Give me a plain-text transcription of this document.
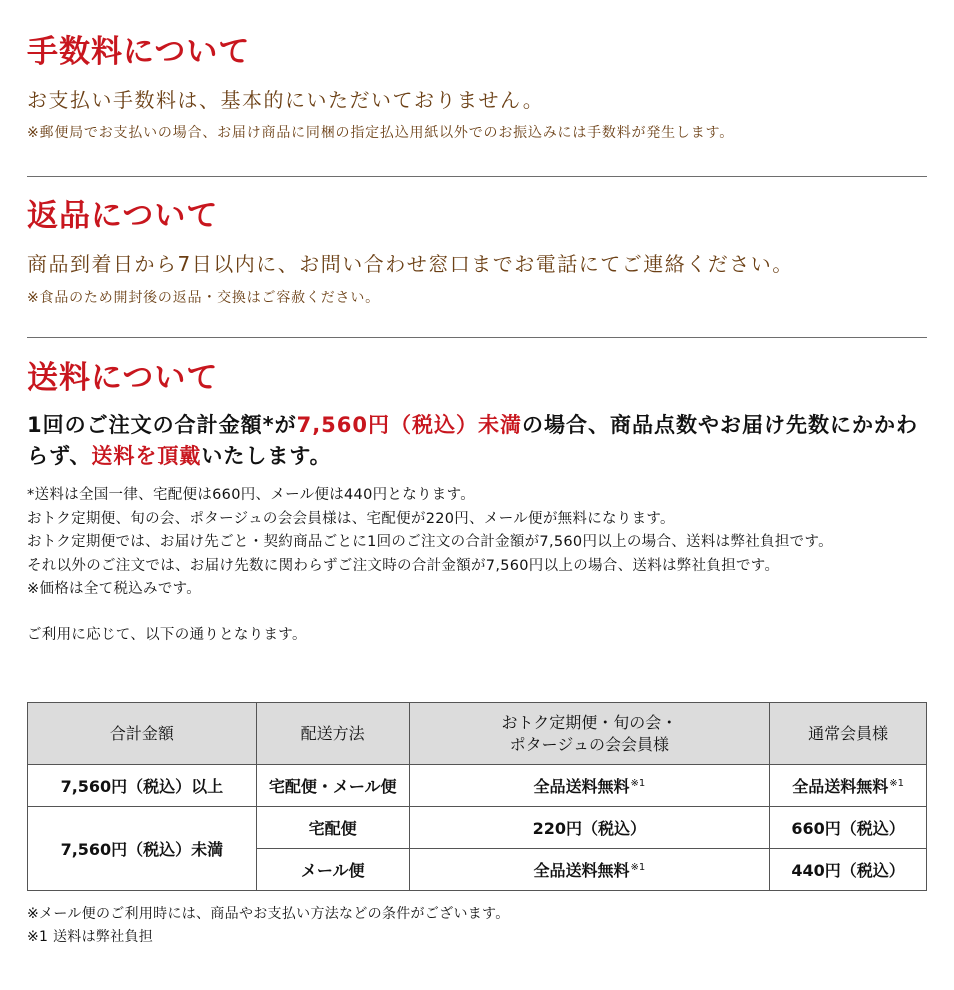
手数料について

お支払い手数料は、基本的にいただいておりません。

※郵便局でお支払いの場合、お届け商品に同梱の指定払込用紙以外でのお振込みには手数料が発生します。

返品について

商品到着日から7日以内に、お問い合わせ窓口までお電話にてご連絡ください。

※食品のため開封後の返品・交換はご容赦ください。

送料について

1回のご注文の合計金額*が7,560円（税込）未満の場合、商品点数やお届け先数にかかわらず、送料を頂戴いたします。

*送料は全国一律、宅配便は660円、メール便は440円となります。

おトク定期便、旬の会、ポタージュの会会員様は、宅配便が220円、メール便が無料になります。

おトク定期便では、お届け先ごと・契約商品ごとに1回のご注文の合計金額が7,560円以上の場合、送料は弊社負担です。

それ以外のご注文では、お届け先数に関わらずご注文時の合計金額が7,560円以上の場合、送料は弊社負担です。

※価格は全て税込みです。

ご利用に応じて、以下の通りとなります。

合計金額	配送方法	おトク定期便・旬の会・
ポタージュの会会員様	通常会員様
7,560円（税込）以上	宅配便・メール便	全品送料無料$^{※1}$	全品送料無料$^{※1}$
7,560円（税込）未満	宅配便	220円（税込）	660円（税込）
	メール便	全品送料無料$^{※1}$	440円（税込）

※メール便のご利用時には、商品やお支払い方法などの条件がございます。

※1 送料は弊社負担
